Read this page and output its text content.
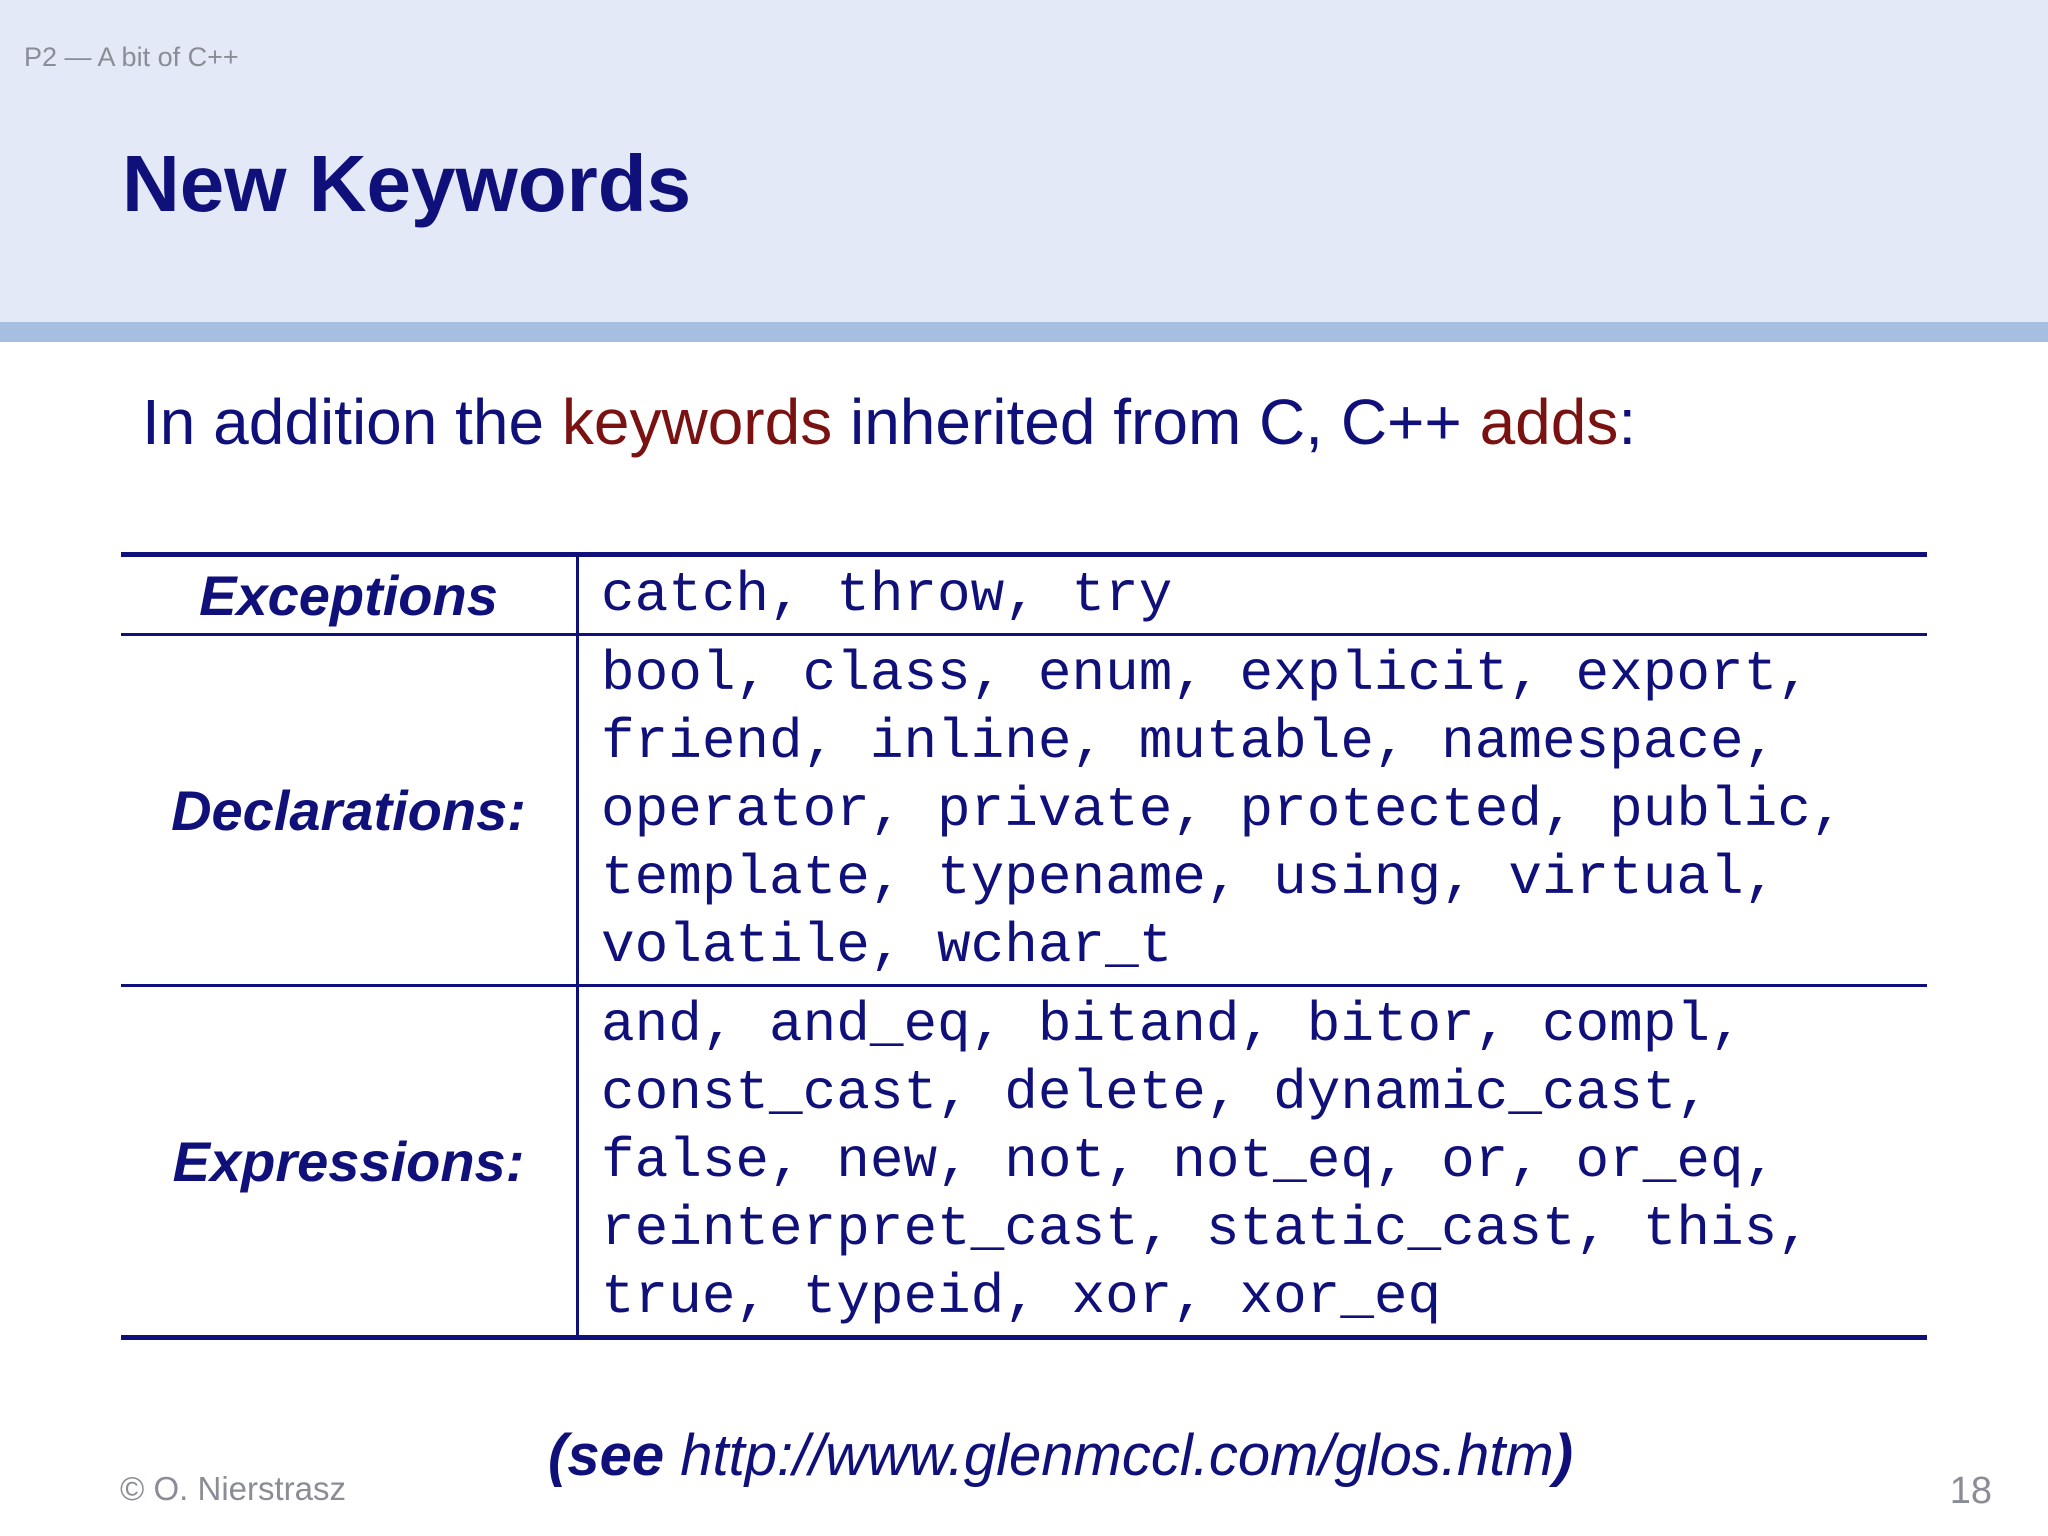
P2 — A bit of C++
New Keywords
In addition the keywords inherited from C, C++ adds:
Exceptions	catch, throw, try
Declarations:
bool, class, enum, explicit, export,
friend, inline, mutable, namespace,
operator, private, protected, public,
template, typename, using, virtual,
volatile, wchar_t
Expressions:
and, and_eq, bitand, bitor, compl,
const_cast, delete, dynamic_cast,
false, new, not, not_eq, or, or_eq,
reinterpret_cast, static_cast, this,
true, typeid, xor, xor_eq
(see http://www.glenmccl.com/glos.htm)
© O. Nierstrasz	18
